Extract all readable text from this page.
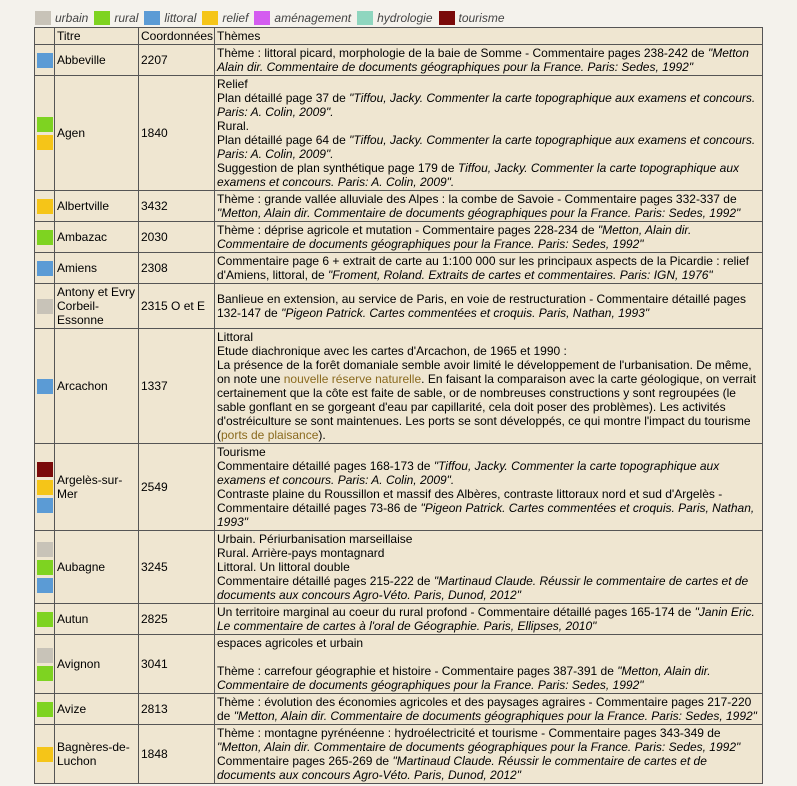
urbain rural littoral relief aménagement hydrologie tourisme
	Titre	Coordonnées	Thèmes

	Abbeville	2207	Thème : littoral picard, morphologie de la baie de Somme - Commentaire pages 238-242 de "Metton Alain dir. Commentaire de documents géographiques pour la France. Paris: Sedes, 1992"

	Agen	1840	Relief
Plan détaillé page 37 de "Tiffou, Jacky. Commenter la carte topographique aux examens et concours. Paris: A. Colin, 2009".
Rural.
Plan détaillé page 64 de "Tiffou, Jacky. Commenter la carte topographique aux examens et concours. Paris: A. Colin, 2009".
Suggestion de plan synthétique page 179 de Tiffou, Jacky. Commenter la carte topographique aux examens et concours. Paris: A. Colin, 2009".

	Albertville	3432	Thème : grande vallée alluviale des Alpes : la combe de Savoie - Commentaire pages 332-337 de "Metton, Alain dir. Commentaire de documents géographiques pour la France. Paris: Sedes, 1992"

	Ambazac	2030	Thème : déprise agricole et mutation - Commentaire pages 228-234 de "Metton, Alain dir. Commentaire de documents géographiques pour la France. Paris: Sedes, 1992"

	Amiens	2308	Commentaire page 6 + extrait de carte au 1:100 000 sur les principaux aspects de la Picardie : relief d'Amiens, littoral, de "Froment, Roland. Extraits de cartes et commentaires. Paris: IGN, 1976"

	Antony et Evry Corbeil-Essonne	2315 O et E	Banlieue en extension, au service de Paris, en voie de restructuration - Commentaire détaillé pages 132-147 de "Pigeon Patrick. Cartes commentées et croquis. Paris, Nathan, 1993"

	Arcachon	1337	Littoral
Etude diachronique avec les cartes d'Arcachon, de 1965 et 1990 :
La présence de la forêt domaniale semble avoir limité le développement de l'urbanisation. De même, on note une nouvelle réserve naturelle. En faisant la comparaison avec la carte géologique, on verrait certainement que la côte est faite de sable, or de nombreuses constructions y sont regroupées (le sable gonflant en se gorgeant d'eau par capillarité, cela doit poser des problèmes). Les activités d'ostréiculture se sont maintenues. Les ports se sont développés, ce qui montre l'impact du tourisme (ports de plaisance).

	Argelès-sur-Mer	2549	Tourisme
Commentaire détaillé pages 168-173 de "Tiffou, Jacky. Commenter la carte topographique aux examens et concours. Paris: A. Colin, 2009".
Contraste plaine du Roussillon et massif des Albères, contraste littoraux nord et sud d'Argelès - Commentaire détaillé pages 73-86 de "Pigeon Patrick. Cartes commentées et croquis. Paris, Nathan, 1993"

	Aubagne	3245	Urbain. Périurbanisation marseillaise
Rural. Arrière-pays montagnard
Littoral. Un littoral double
Commentaire détaillé pages 215-222 de "Martinaud Claude. Réussir le commentaire de cartes et de documents aux concours Agro-Véto. Paris, Dunod, 2012"

	Autun	2825	Un territoire marginal au coeur du rural profond - Commentaire détaillé pages 165-174 de "Janin Eric. Le commentaire de cartes à l'oral de Géographie. Paris, Ellipses, 2010"

	Avignon	3041	espaces agricoles et urbain
Thème : carrefour géographie et histoire - Commentaire pages 387-391 de "Metton, Alain dir. Commentaire de documents géographiques pour la France. Paris: Sedes, 1992"

	Avize	2813	Thème : évolution des économies agricoles et des paysages agraires - Commentaire pages 217-220 de "Metton, Alain dir. Commentaire de documents géographiques pour la France. Paris: Sedes, 1992"

	Bagnères-de-Luchon	1848	Thème : montagne pyrénéenne : hydroélectricité et tourisme - Commentaire pages 343-349 de "Metton, Alain dir. Commentaire de documents géographiques pour la France. Paris: Sedes, 1992"
Commentaire pages 265-269 de "Martinaud Claude. Réussir le commentaire de cartes et de documents aux concours Agro-Véto. Paris, Dunod, 2012"
